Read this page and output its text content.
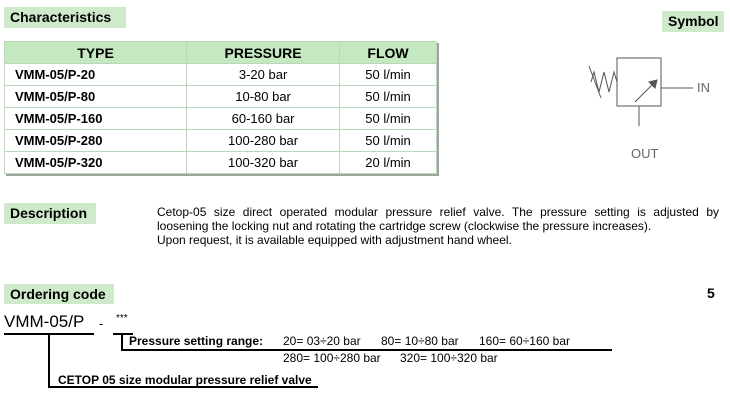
Characteristics	Symbol
TYPE	PRESSURE	FLOW
VMM-05/P-20	3-20 bar	50 l/min
VMM-05/P-80	10-80 bar	50 l/min
VMM-05/P-160	60-160 bar	50 l/min
VMM-05/P-280	100-280 bar	50 l/min
VMM-05/P-320	100-320 bar	20 l/min
IN
OUT
Description	Cetop-05 size direct operated modular pressure relief valve. The pressure setting is adjusted by loosening the locking nut and rotating the cartridge screw (clockwise the pressure increases).

Upon request, it is available equipped with adjustment hand wheel.

Ordering code	5
VMM-05/P - ***
Pressure setting range: 20= 03÷20 bar 80= 10÷80 bar 160= 60÷160 bar
280= 100÷280 bar 320= 100÷320 bar
CETOP 05 size modular pressure relief valve
